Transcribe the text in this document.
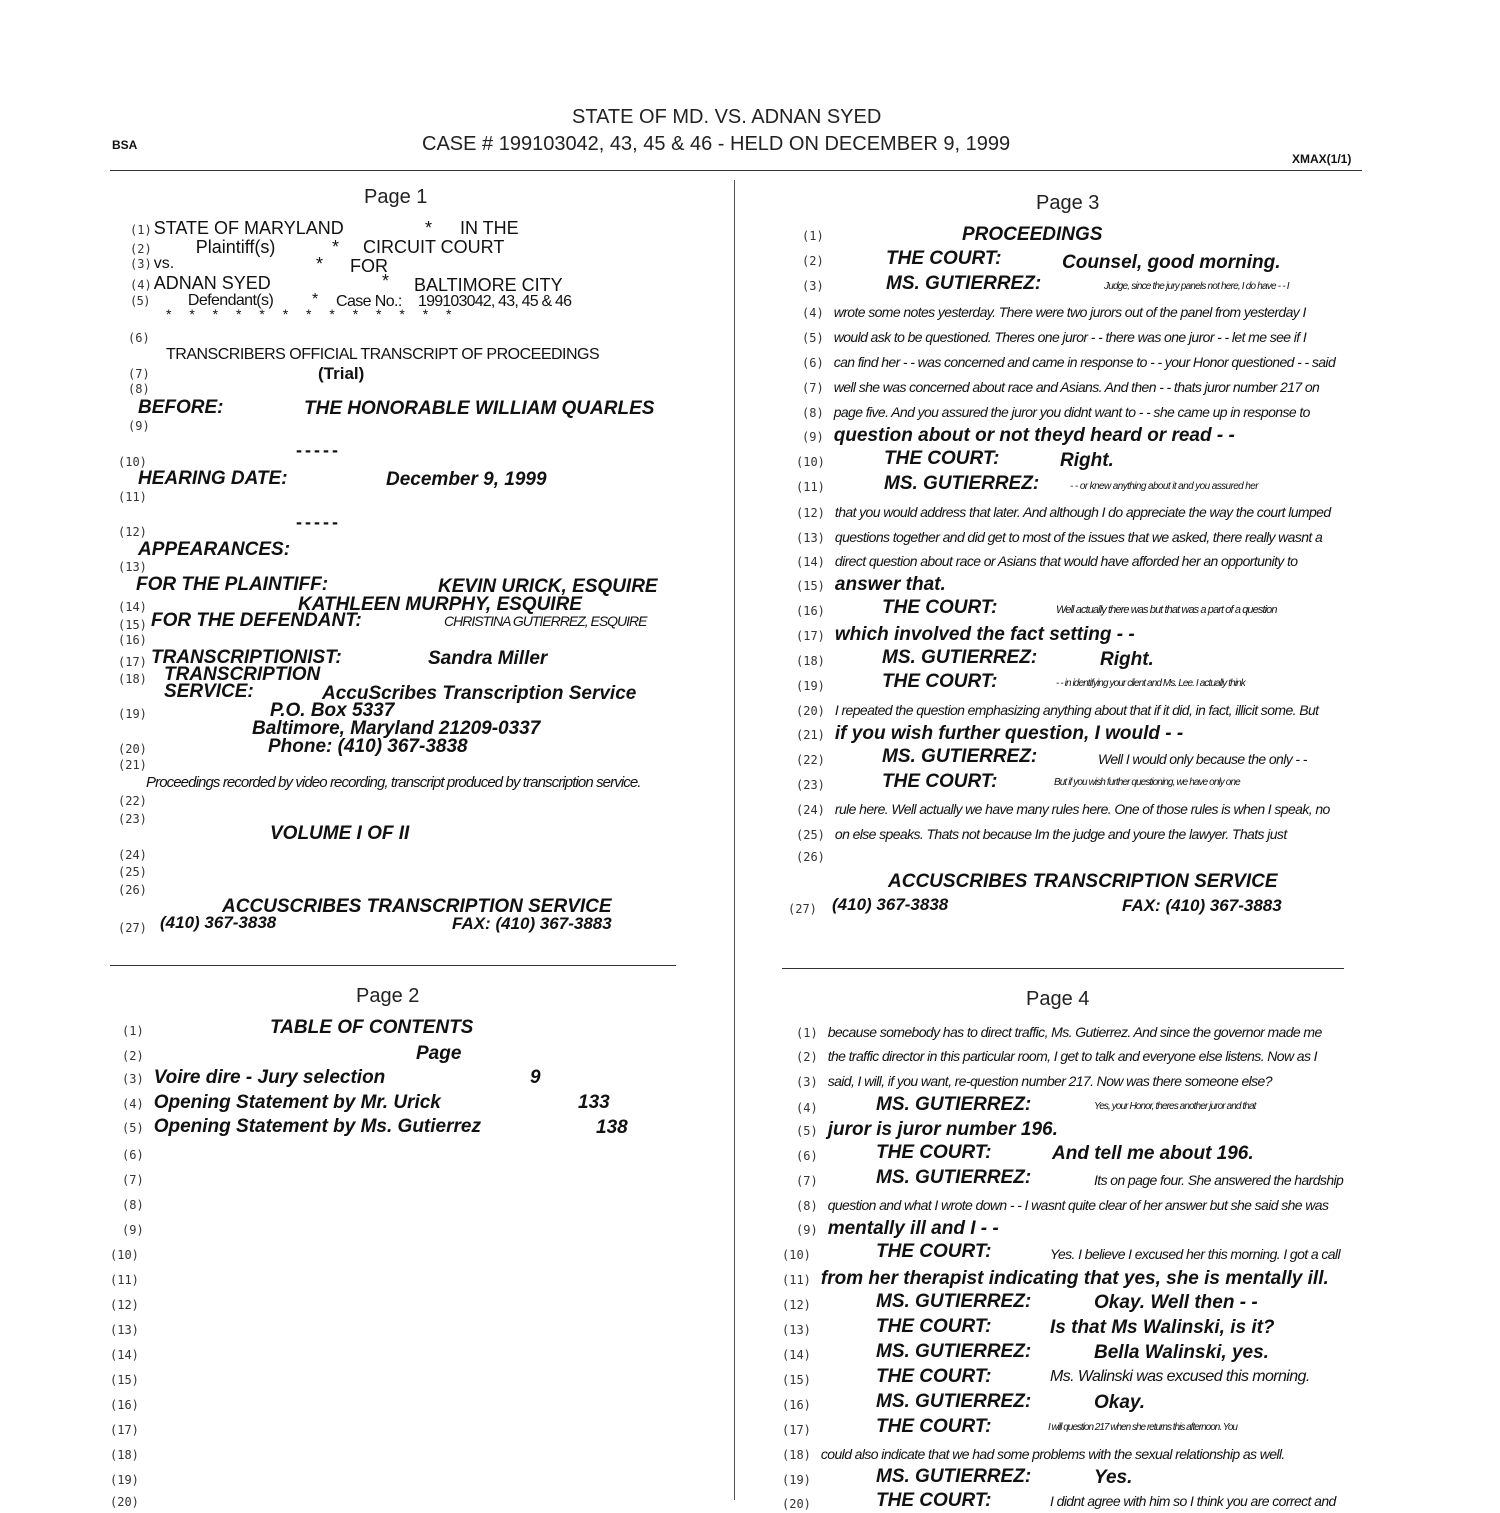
STATE OF MD. VS. ADNAN SYED
CASE # 199103042, 43, 45 & 46 - HELD ON DECEMBER 9, 1999
BSA
XMAX(1/1)
Page 1
(1) STATE OF MARYLAND	* IN THE
(2) Plaintiff(s)	* CIRCUIT COURT
(3) vs.	* FOR
(4) ADNAN SYED	* BALTIMORE CITY
(5) Defendant(s) * Case No.: 199103042, 43, 45 & 46
* * * * * * * * * * * * *
(6)
TRANSCRIBERS OFFICIAL TRANSCRIPT OF PROCEEDINGS
(7)	(Trial)
(8)
BEFORE:	THE HONORABLE WILLIAM QUARLES
(9)
(10)
-----
HEARING DATE:	December 9, 1999
(11)
(12)	-----
APPEARANCES:
(13)
FOR THE PLAINTIFF:	KEVIN URICK, ESQUIRE
(14)	KATHLEEN MURPHY, ESQUIRE
(15) FOR THE DEFENDANT:	CHRISTINA GUTIERREZ, ESQUIRE
(16)
(17) TRANSCRIPTIONIST:	Sandra Miller
(18) TRANSCRIPTION
SERVICE:	AccuScribes Transcription Service
(19)	P.O. Box 5337
Baltimore, Maryland 21209-0337
(20)	Phone: (410) 367-3838
(21)
Proceedings recorded by video recording, transcript produced by transcription service.
(22)
(23)
VOLUME I OF II
(24)
(25)
(26)
ACCUSCRIBES TRANSCRIPTION SERVICE
(27) (410) 367-3838	FAX: (410) 367-3883
Page 2
(1)	TABLE OF CONTENTS
(2)	Page
(3) Voire dire - Jury selection	9
(4) Opening Statement by Mr. Urick	133
(5) Opening Statement by Ms. Gutierrez	138
(6)
(7)
(8)
(9)
(10)
(11)
(12)
(13)
(14)
(15)
(16)
(17)
(18)
(19)
(20)
Page 3
(1)	PROCEEDINGS
(2)	THE COURT:	Counsel, good morning.
(3)	MS. GUTIERREZ:	Judge, since the jury panels not here, I do have - - I
(4) wrote some notes yesterday. There were two jurors out of the panel from yesterday I
(5) would ask to be questioned. Theres one juror - - there was one juror - - let me see if I
(6) can find her - - was concerned and came in response to - - your Honor questioned - - said
(7) well she was concerned about race and Asians. And then - - thats juror number 217 on
(8) page five. And you assured the juror you didnt want to - - she came up in response to
(9) question about or not theyd heard or read - -
(10)	THE COURT:	Right.
(11)	MS. GUTIERREZ:	- - or knew anything about it and you assured her
(12) that you would address that later. And although I do appreciate the way the court lumped
(13) questions together and did get to most of the issues that we asked, there really wasnt a
(14) direct question about race or Asians that would have afforded her an opportunity to
(15) answer that.
(16)	THE COURT:	Well actually there was but that was a part of a question
(17) which involved the fact setting - -
(18)	MS. GUTIERREZ:	Right.
(19)	THE COURT:	- - in identifying your client and Ms. Lee. I actually think
(20) I repeated the question emphasizing anything about that if it did, in fact, illicit some. But
(21) if you wish further question, I would - -
(22)	MS. GUTIERREZ:	Well I would only because the only - -
(23)	THE COURT:	But if you wish further questioning, we have only one
(24) rule here. Well actually we have many rules here. One of those rules is when I speak, no
(25) on else speaks. Thats not because Im the judge and youre the lawyer. Thats just
(26)
ACCUSCRIBES TRANSCRIPTION SERVICE
(27) (410) 367-3838	FAX: (410) 367-3883
Page 4
(1) because somebody has to direct traffic, Ms. Gutierrez. And since the governor made me
(2) the traffic director in this particular room, I get to talk and everyone else listens. Now as I
(3) said, I will, if you want, re-question number 217. Now was there someone else?
(4)	MS. GUTIERREZ:	Yes, your Honor, theres another juror and that
(5) juror is juror number 196.
(6)	THE COURT:	And tell me about 196.
(7)	MS. GUTIERREZ:	Its on page four. She answered the hardship
(8) question and what I wrote down - - I wasnt quite clear of her answer but she said she was
(9) mentally ill and I - -
(10)	THE COURT:	Yes. I believe I excused her this morning. I got a call
(11) from her therapist indicating that yes, she is mentally ill.
(12)	MS. GUTIERREZ:	Okay. Well then - -
(13)	THE COURT:	Is that Ms Walinski, is it?
(14)	MS. GUTIERREZ:	Bella Walinski, yes.
(15)	THE COURT:	Ms. Walinski was excused this morning.
(16)	MS. GUTIERREZ:	Okay.
(17)	THE COURT:	I will question 217 when she returns this afternoon. You
(18) could also indicate that we had some problems with the sexual relationship as well.
(19)	MS. GUTIERREZ:	Yes.
(20)	THE COURT:	I didnt agree with him so I think you are correct and
